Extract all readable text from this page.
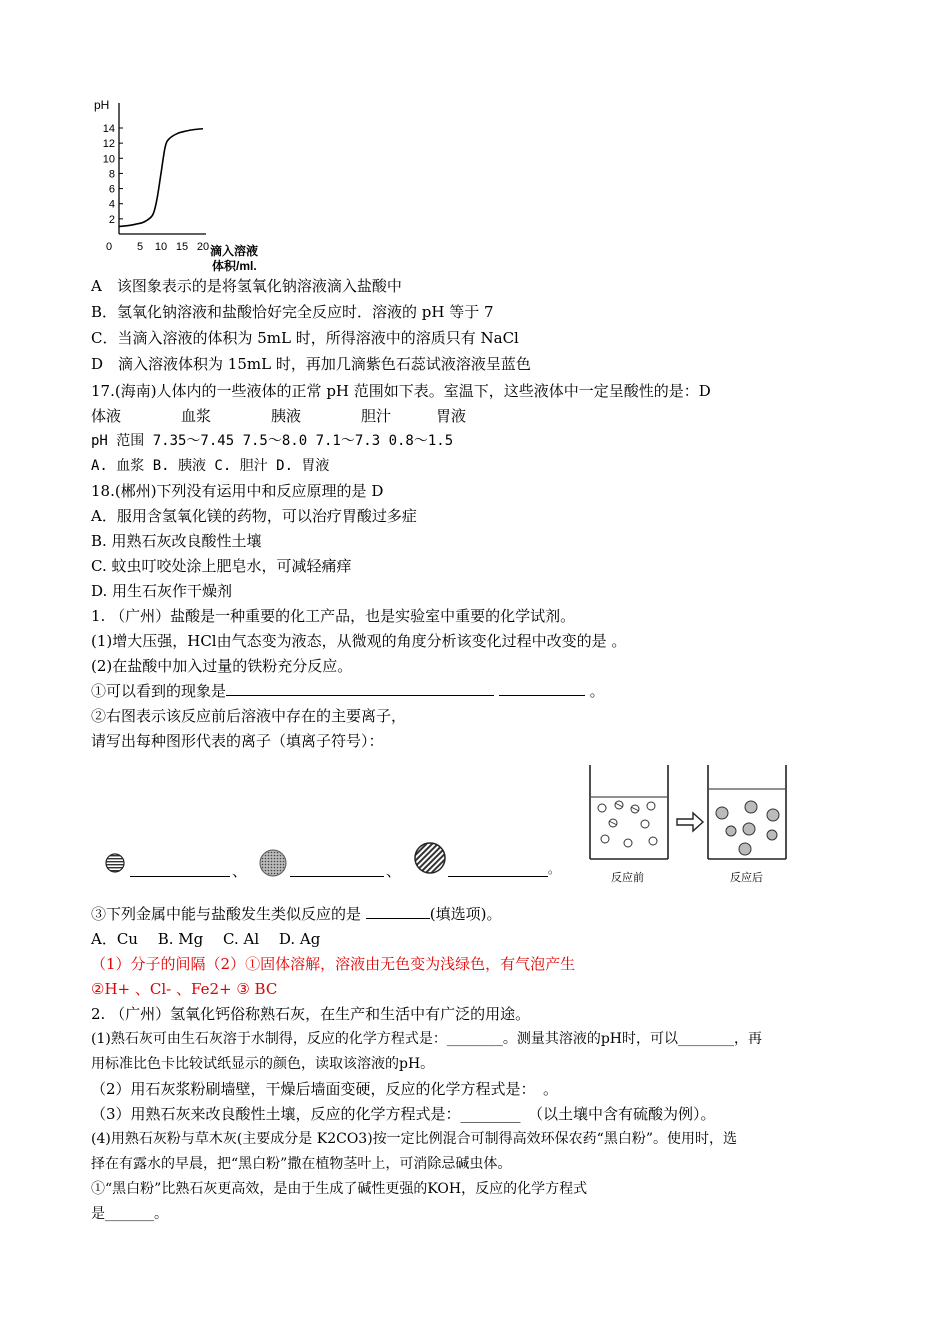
pH
14
12
10
8
6
4
2
0 5 10 15 20 滴入溶液
体积/ml.
A　该图象表示的是将氢氧化钠溶液滴入盐酸中
B．氢氧化钠溶液和盐酸恰好完全反应时．溶液的 pH 等于 7
C．当滴入溶液的体积为 5mL 时，所得溶液中的溶质只有 NaCl
D　滴入溶液体积为 15mL 时，再加几滴紫色石蕊试液溶液呈蓝色
17.(海南)人体内的一些液体的正常 pH 范围如下表。室温下，这些液体中一定呈酸性的是：D
体液　　　　血浆　　　　胰液　　　　胆汁　　　胃液
pH 范围 7.35～7.45 7.5～8.0 7.1～7.3 0.8～1.5
A. 血浆 B. 胰液 C. 胆汁 D. 胃液
18.(郴州)下列没有运用中和反应原理的是 D
A．服用含氢氧化镁的药物，可以治疗胃酸过多症
B. 用熟石灰改良酸性土壤
C. 蚊虫叮咬处涂上肥皂水，可减轻痛痒
D. 用生石灰作干燥剂
1. （广州）盐酸是一种重要的化工产品，也是实验室中重要的化学试剂。
(1)增大压强，HCl由气态变为液态，从微观的角度分析该变化过程中改变的是 。
(2)在盐酸中加入过量的铁粉充分反应。
①可以看到的现象是	。
②右图表示该反应前后溶液中存在的主要离子，
请写出每种图形代表的离子（填离子符号）：
、	、	。
反应前	反应后
③下列金属中能与盐酸发生类似反应的是	(填选项)。
A．Cu　 B. Mg　 C. Al　 D. Ag
（1）分子的间隔（2）①固体溶解，溶液由无色变为浅绿色，有气泡产生
②H+ 、Cl- 、Fe2+ ③ BC
2. （广州）氢氧化钙俗称熟石灰，在生产和生活中有广泛的用途。
(1)熟石灰可由生石灰溶于水制得，反应的化学方程式是：________。测量其溶液的pH时，可以________，再
用标准比色卡比较试纸显示的颜色，读取该溶液的pH。
（2）用石灰浆粉刷墙壁，干燥后墙面变硬，反应的化学方程式是：　。
（3）用熟石灰来改良酸性土壤，反应的化学方程式是：________　（以土壤中含有硫酸为例）。
(4)用熟石灰粉与草木灰(主要成分是 K2CO3)按一定比例混合可制得高效环保农药“黑白粉”。使用时，选
择在有露水的早晨，把“黑白粉”撒在植物茎叶上，可消除忌碱虫体。
①“黑白粉”比熟石灰更高效，是由于生成了碱性更强的KOH，反应的化学方程式
是_______。
